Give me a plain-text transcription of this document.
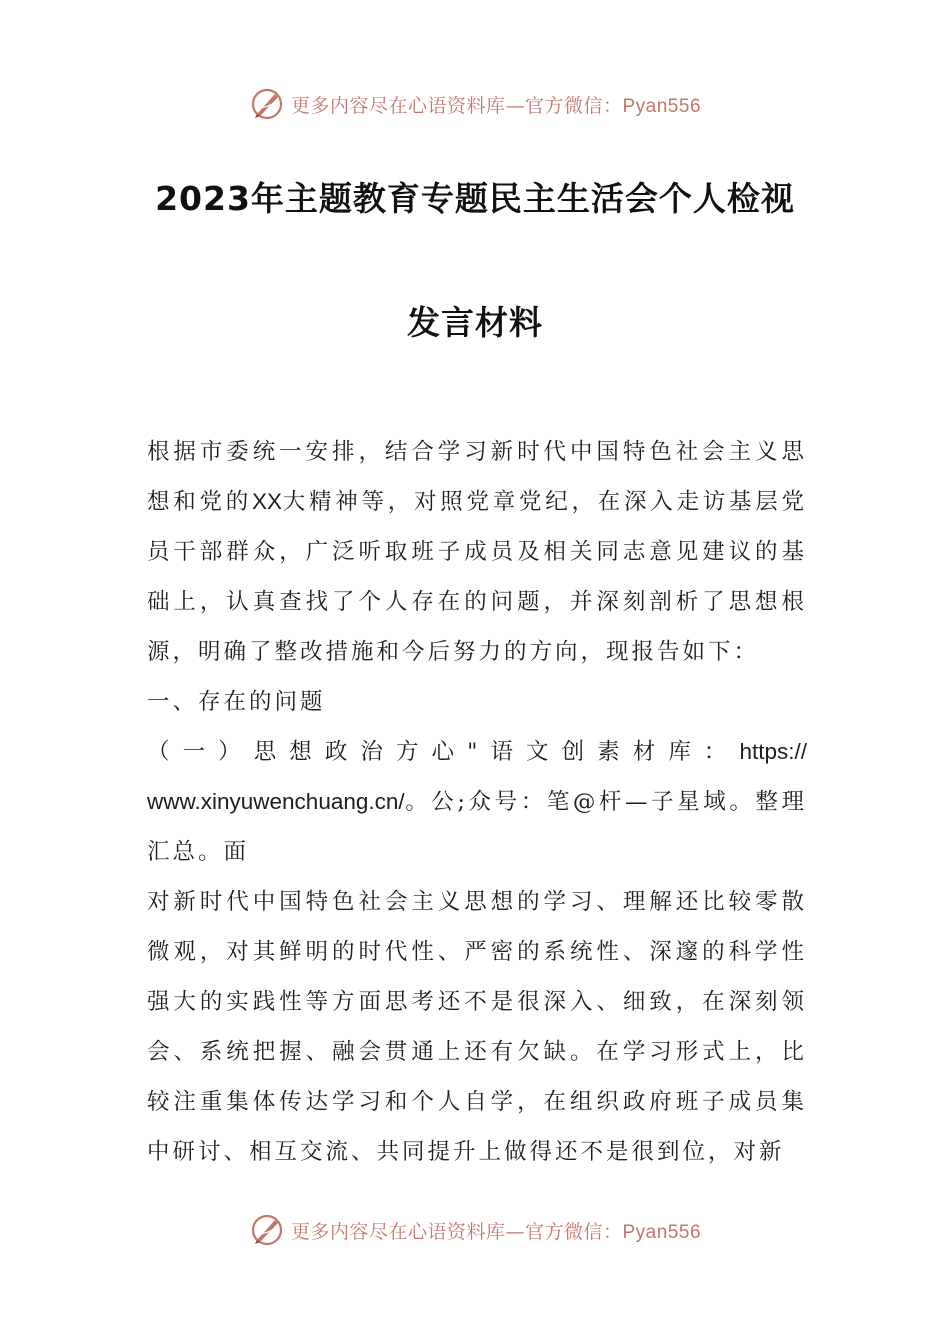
更多内容尽在心语资料库—官方微信：Pyan556
2023年主题教育专题民主生活会个人检视
发言材料

根据市委统一安排，结合学习新时代中国特色社会主义思想和党的XX大精神等，对照党章党纪，在深入走访基层党员干部群众，广泛听取班子成员及相关同志意见建议的基础上，认真查找了个人存在的问题，并深刻剖析了思想根源，明确了整改措施和今后努力的方向，现报告如下：

一、存在的问题

（一）思想政治方心"语文创素材库：https://

www.xinyuwenchuang.cn/。公;众号：笔@杆—子星域。整理汇总。面

对新时代中国特色社会主义思想的学习、理解还比较零散微观，对其鲜明的时代性、严密的系统性、深邃的科学性强大的实践性等方面思考还不是很深入、细致，在深刻领会、系统把握、融会贯通上还有欠缺。在学习形式上，比较注重集体传达学习和个人自学，在组织政府班子成员集中研讨、相互交流、共同提升上做得还不是很到位，对新

更多内容尽在心语资料库—官方微信：Pyan556
